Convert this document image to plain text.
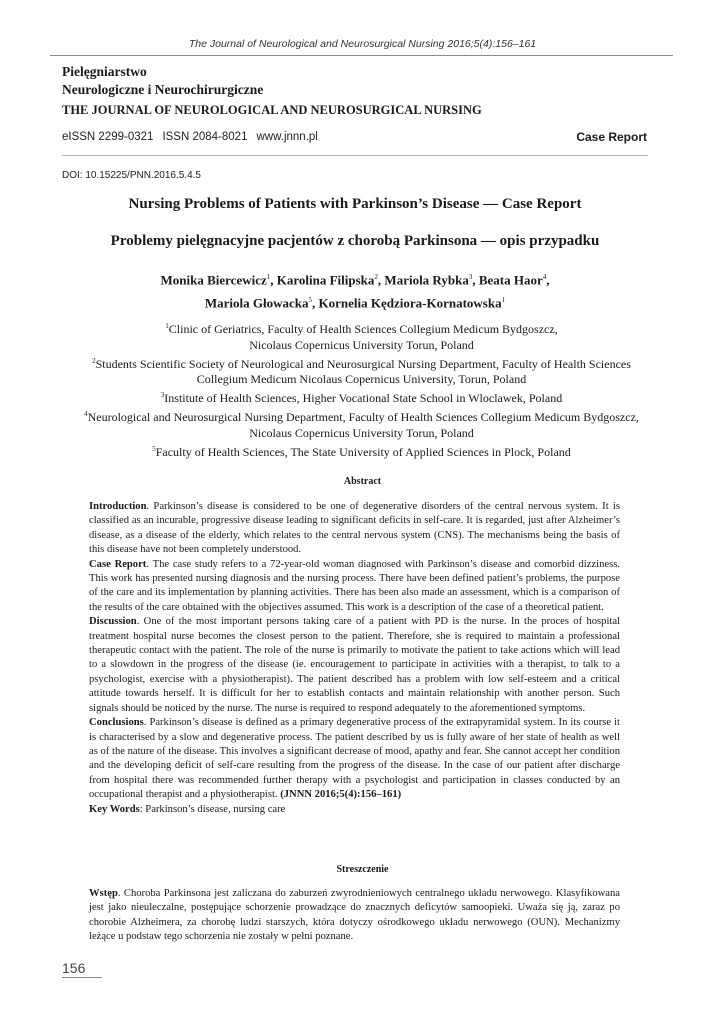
The Journal of Neurological and Neurosurgical Nursing 2016;5(4):156–161
Pielęgniarstwo
Neurologiczne i Neurochirurgiczne
THE JOURNAL OF NEUROLOGICAL AND NEUROSURGICAL NURSING
eISSN 2299-0321 ISSN 2084-8021 www.jnnn.pl	Case Report
DOI: 10.15225/PNN.2016.5.4.5
Nursing Problems of Patients with Parkinson’s Disease — Case Report
Problemy pielęgnacyjne pacjentów z chorobą Parkinsona — opis przypadku
Monika Biercewicz$^1$, Karolina Filipska$^2$, Mariola Rybka$^3$, Beata Haor$^4$,
Mariola Głowacka$^5$, Kornelia Kędziora-Kornatowska$^1$
$^1$Clinic of Geriatrics, Faculty of Health Sciences Collegium Medicum Bydgoszcz,
Nicolaus Copernicus University Torun, Poland
$^2$Students Scientific Society of Neurological and Neurosurgical Nursing Department, Faculty of Health Sciences
Collegium Medicum Nicolaus Copernicus University, Torun, Poland
$^3$Institute of Health Sciences, Higher Vocational State School in Wloclawek, Poland
$^4$Neurological and Neurosurgical Nursing Department, Faculty of Health Sciences Collegium Medicum Bydgoszcz,
Nicolaus Copernicus University Torun, Poland
$^5$Faculty of Health Sciences, The State University of Applied Sciences in Plock, Poland
Abstract

Introduction. Parkinson’s disease is considered to be one of degenerative disorders of the central nervous system. It is classified as an incurable, progressive disease leading to significant deficits in self-care. It is regarded, just after Alzheimer’s disease, as a disease of the elderly, which relates to the central nervous system (CNS). The mechanisms being the basis of this disease have not been completely understood.

Case Report. The case study refers to a 72-year-old woman diagnosed with Parkinson’s disease and comorbid dizziness. This work has presented nursing diagnosis and the nursing process. There have been defined patient’s problems, the purpose of the care and its implementation by planning activities. There has been also made an assessment, which is a comparison of the results of the care obtained with the objectives assumed. This work is a description of the case of a theoretical patient.

Discussion. One of the most important persons taking care of a patient with PD is the nurse. In the proces of hospital treatment hospital nurse becomes the closest person to the patient. Therefore, she is required to maintain a professional therapeutic contact with the patient. The role of the nurse is primarily to motivate the patient to take actions which will lead to a slowdown in the progress of the disease (ie. encouragement to participate in activities with a therapist, to talk to a psychologist, exercise with a physiotherapist). The patient described has a problem with low self-esteem and a critical attitude towards herself. It is difficult for her to establish contacts and maintain relationship with another person. Such signals should be noticed by the nurse. The nurse is required to respond adequately to the aforementioned symptoms.

Conclusions. Parkinson’s disease is defined as a primary degenerative process of the extrapyramidal system. In its course it is characterised by a slow and degenerative process. The patient described by us is fully aware of her state of health as well as of the nature of the disease. This involves a significant decrease of mood, apathy and fear. She cannot accept her condition and the developing deficit of self-care resulting from the progress of the disease. In the case of our patient after discharge from hospital there was recommended further therapy with a psychologist and participation in classes conducted by an occupational therapist and a physiotherapist. (JNNN 2016;5(4):156–161)

Key Words: Parkinson’s disease, nursing care

Streszczenie

Wstęp. Choroba Parkinsona jest zaliczana do zaburzeń zwyrodnieniowych centralnego układu nerwowego. Klasyfikowana jest jako nieuleczalne, postępujące schorzenie prowadzące do znacznych deficytów samoopieki. Uważa się ją, zaraz po chorobie Alzheimera, za chorobę ludzi starszych, która dotyczy ośrodkowego układu nerwowego (OUN). Mechanizmy leżące u podstaw tego schorzenia nie zostały w pełni poznane.

156
